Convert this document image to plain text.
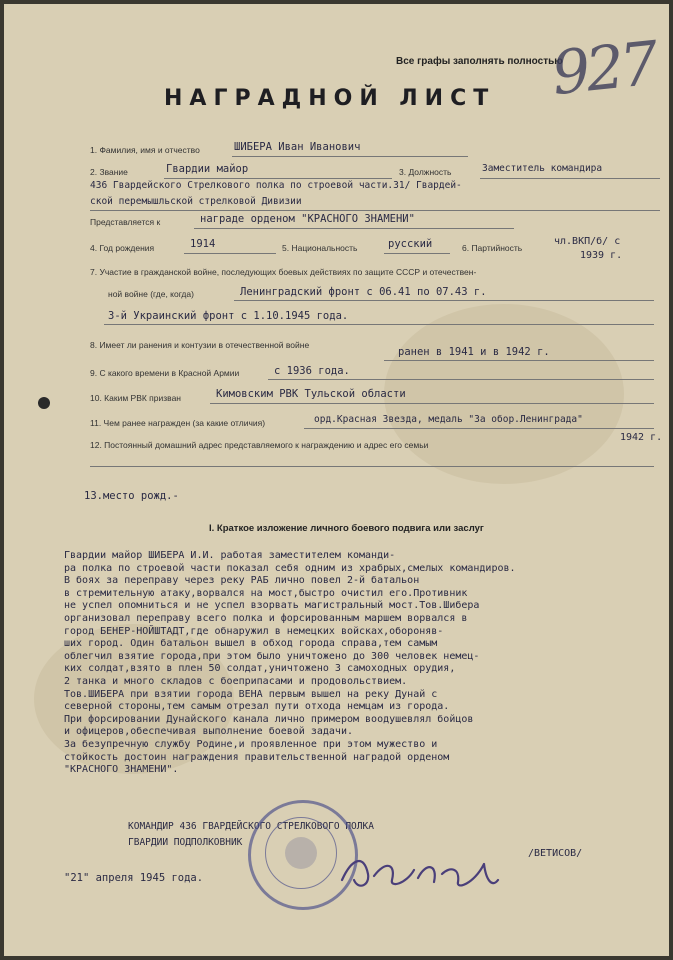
Все графы заполнять полностью
927
НАГРАДНОЙ ЛИСТ
1. Фамилия, имя и отчество	ШИБЕРА Иван Иванович
2. Звание	Гвардии майор	3. Должность	Заместитель командира
436 Гвардейского Стрелкового полка по строевой части.31/ Гвардей-
ской перемышльской стрелковой Дивизии
Представляется к	награде орденом "КРАСНОГО ЗНАМЕНИ"
4. Год рождения	1914	5. Национальность	русский	6. Партийность
чл.ВКП/б/ с
1939 г.
7. Участие в гражданской войне, последующих боевых действиях по защите СССР и отечествен-
ной войне (где, когда)	Ленинградский фронт с 06.41 по 07.43 г.
3-й Украинский фронт с 1.10.1945 года.
8. Имеет ли ранения и контузии в отечественной войне
ранен в 1941 и в 1942 г.
9. С какого времени в Красной Армии	с 1936 года.
10. Каким РВК призван	Кимовским РВК Тульской области
11. Чем ранее награжден (за какие отличия)	орд.Красная Звезда, медаль "За обор.Ленинграда"
1942 г.
12. Постоянный домашний адрес представляемого к награждению и адрес его семьи
13.место рожд.-
I. Краткое изложение личного боевого подвига или заслуг
Гвардии майор ШИБЕРА И.И. работая заместителем команди-
ра полка по строевой части показал себя одним из храбрых,смелых командиров.
В боях за переправу через реку РАБ лично повел 2-й батальон
в стремительную атаку,ворвался на мост,быстро очистил его.Противник
не успел опомниться и не успел взорвать магистральный мост.Тов.Шибера
организовал переправу всего полка и форсированным маршем ворвался в
город БЕНЕР-НОЙШТАДТ,где обнаружил в немецких войсках,обороняв-
ших город. Один батальон вышел в обход города справа,тем самым
облегчил взятие города,при этом было уничтожено до 300 человек немец-
ких солдат,взято в плен 50 солдат,уничтожено 3 самоходных орудия,
2 танка и много складов с боеприпасами и продовольствием.
Тов.ШИБЕРА при взятии города ВЕНА первым вышел на реку Дунай с
северной стороны,тем самым отрезал пути отхода немцам из города.
При форсировании Дунайского канала лично примером воодушевлял бойцов
и офицеров,обеспечивая выполнение боевой задачи.
За безупречную службу Родине,и проявленное при этом мужество и
стойкость достоин награждения правительственной наградой орденом
"КРАСНОГО ЗНАМЕНИ".
КОМАНДИР 436 ГВАРДЕЙСКОГО СТРЕЛКОВОГО ПОЛКА
ГВАРДИИ ПОДПОЛКОВНИК
/ВЕТИСОВ/
"21" апреля 1945 года.
